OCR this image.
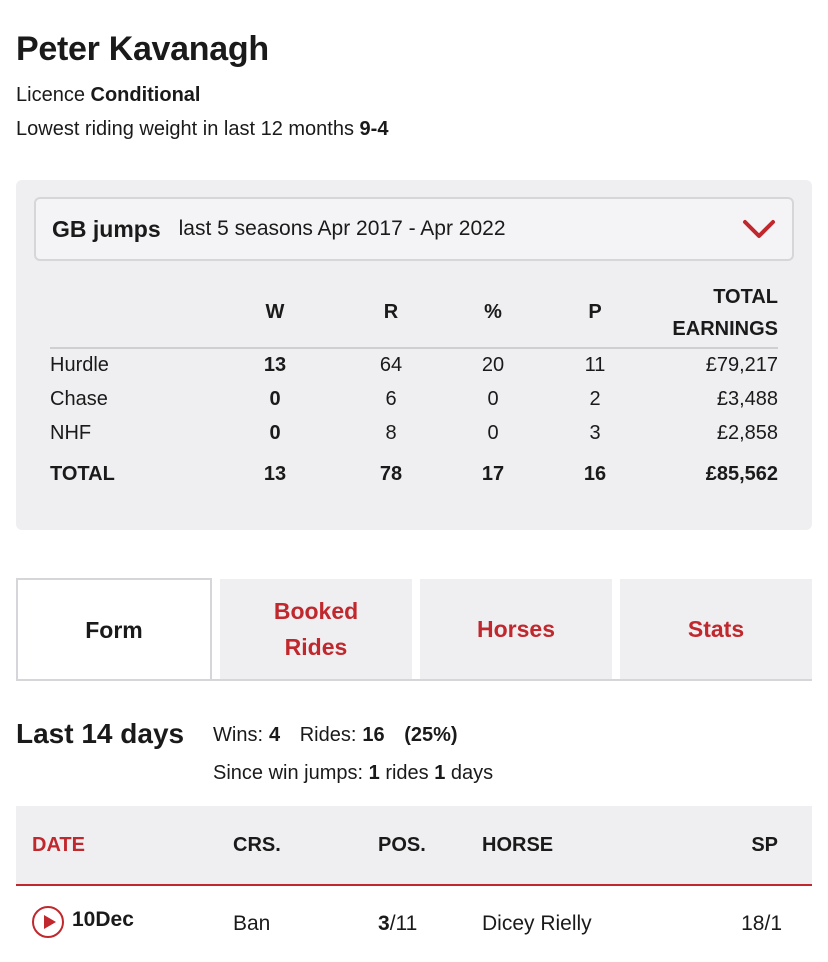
Peter Kavanagh
Licence Conditional
Lowest riding weight in last 12 months 9-4
GB jumps last 5 seasons Apr 2017 - Apr 2022
	W	R	%	P	TOTAL
EARNINGS
Hurdle	13	64	20	11	£79,217
Chase	0	6	0	2	£3,488
NHF	0	8	0	3	£2,858
TOTAL	13	78	17	16	£85,562
Form
Booked Rides
Horses	Stats
Last 14 days Wins: 4 Rides: 16 (25%)
Since win jumps: 1 rides 1 days
DATE	CRS.	POS.	HORSE	SP
10Dec	Ban	3/11	Dicey Rielly	18/1
